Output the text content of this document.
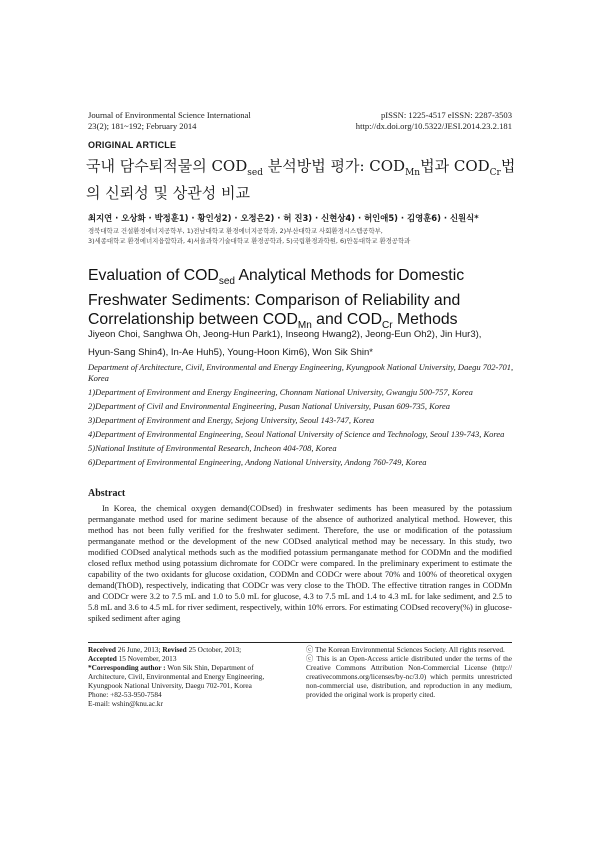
Journal of Environmental Science International
23(2); 181~192; February 2014
pISSN: 1225-4517 eISSN: 2287-3503
http://dx.doi.org/10.5322/JESI.2014.23.2.181
ORIGINAL ARTICLE
국내 담수퇴적물의 $COD_{sed}$ 분석방법 평가: $COD_{Mn}$법과 $COD_{Cr}$법의 신뢰성 및 상관성 비교
최지연 · 오상화 · 박정훈1) · 황인성2) · 오정은2) · 허 진3) · 신현상4) · 허인애5) · 김영훈6) · 신원식*
경북대학교 건설환경에너지공학부, 1)전남대학교 환경에너지공학과, 2)부산대학교 사회환경시스템공학부,
3)세종대학교 환경에너지융합학과, 4)서울과학기술대학교 환경공학과, 5)국립환경과학원, 6)안동대학교 환경공학과
Evaluation of $COD_{sed}$ Analytical Methods for Domestic Freshwater Sediments: Comparison of Reliability and Correlationship between $COD_{Mn}$ and $COD_{Cr}$ Methods
Jiyeon Choi, Sanghwa Oh, Jeong-Hun Park1), Inseong Hwang2), Jeong-Eun Oh2), Jin Hur3),
Hyun-Sang Shin4), In-Ae Huh5), Young-Hoon Kim6), Won Sik Shin*
Department of Architecture, Civil, Environmental and Energy Engineering, Kyungpook National University, Daegu 702-701, Korea
1)Department of Environment and Energy Engineering, Chonnam National University, Gwangju 500-757, Korea
2)Department of Civil and Environmental Engineering, Pusan National University, Pusan 609-735, Korea
3)Department of Environment and Energy, Sejong University, Seoul 143-747, Korea
4)Department of Environmental Engineering, Seoul National University of Science and Technology, Seoul 139-743, Korea
5)National Institute of Environmental Research, Incheon 404-708, Korea
6)Department of Environmental Engineering, Andong National University, Andong 760-749, Korea
Abstract
In Korea, the chemical oxygen demand(CODsed) in freshwater sediments has been measured by the potassium permanganate method used for marine sediment because of the absence of authorized analytical method. However, this method has not been fully verified for the freshwater sediment. Therefore, the use or modification of the potassium permanganate method or the development of the new CODsed analytical method may be necessary. In this study, two modified CODsed analytical methods such as the modified potassium permanganate method for CODMn and the modified closed reflux method using potassium dichromate for CODCr were compared. In the preliminary experiment to estimate the capability of the two oxidants for glucose oxidation, CODMn and CODCr were about 70% and 100% of theoretical oxygen demand(ThOD), respectively, indicating that CODCr was very close to the ThOD. The effective titration ranges in CODMn and CODCr were 3.2 to 7.5 mL and 1.0 to 5.0 mL for glucose, 4.3 to 7.5 mL and 1.4 to 4.3 mL for lake sediment, and 2.5 to 5.8 mL and 3.6 to 4.5 mL for river sediment, respectively, within 10% errors. For estimating CODsed recovery(%) in glucose-spiked sediment after aging
Received 26 June, 2013; Revised 25 October, 2013;
Accepted 15 November, 2013
*Corresponding author : Won Sik Shin, Department of Architecture, Civil, Environmental and Energy Engineering, Kyungpook National University, Daegu 702-701, Korea
Phone: +82-53-950-7584
E-mail: wshin@knu.ac.kr
ⓒ The Korean Environmental Sciences Society. All rights reserved.
ⓒ This is an Open-Access article distributed under the terms of the Creative Commons Attribution Non-Commercial License (http:// creativecommons.org/licenses/by-nc/3.0) which permits unrestricted non-commercial use, distribution, and reproduction in any medium, provided the original work is properly cited.
